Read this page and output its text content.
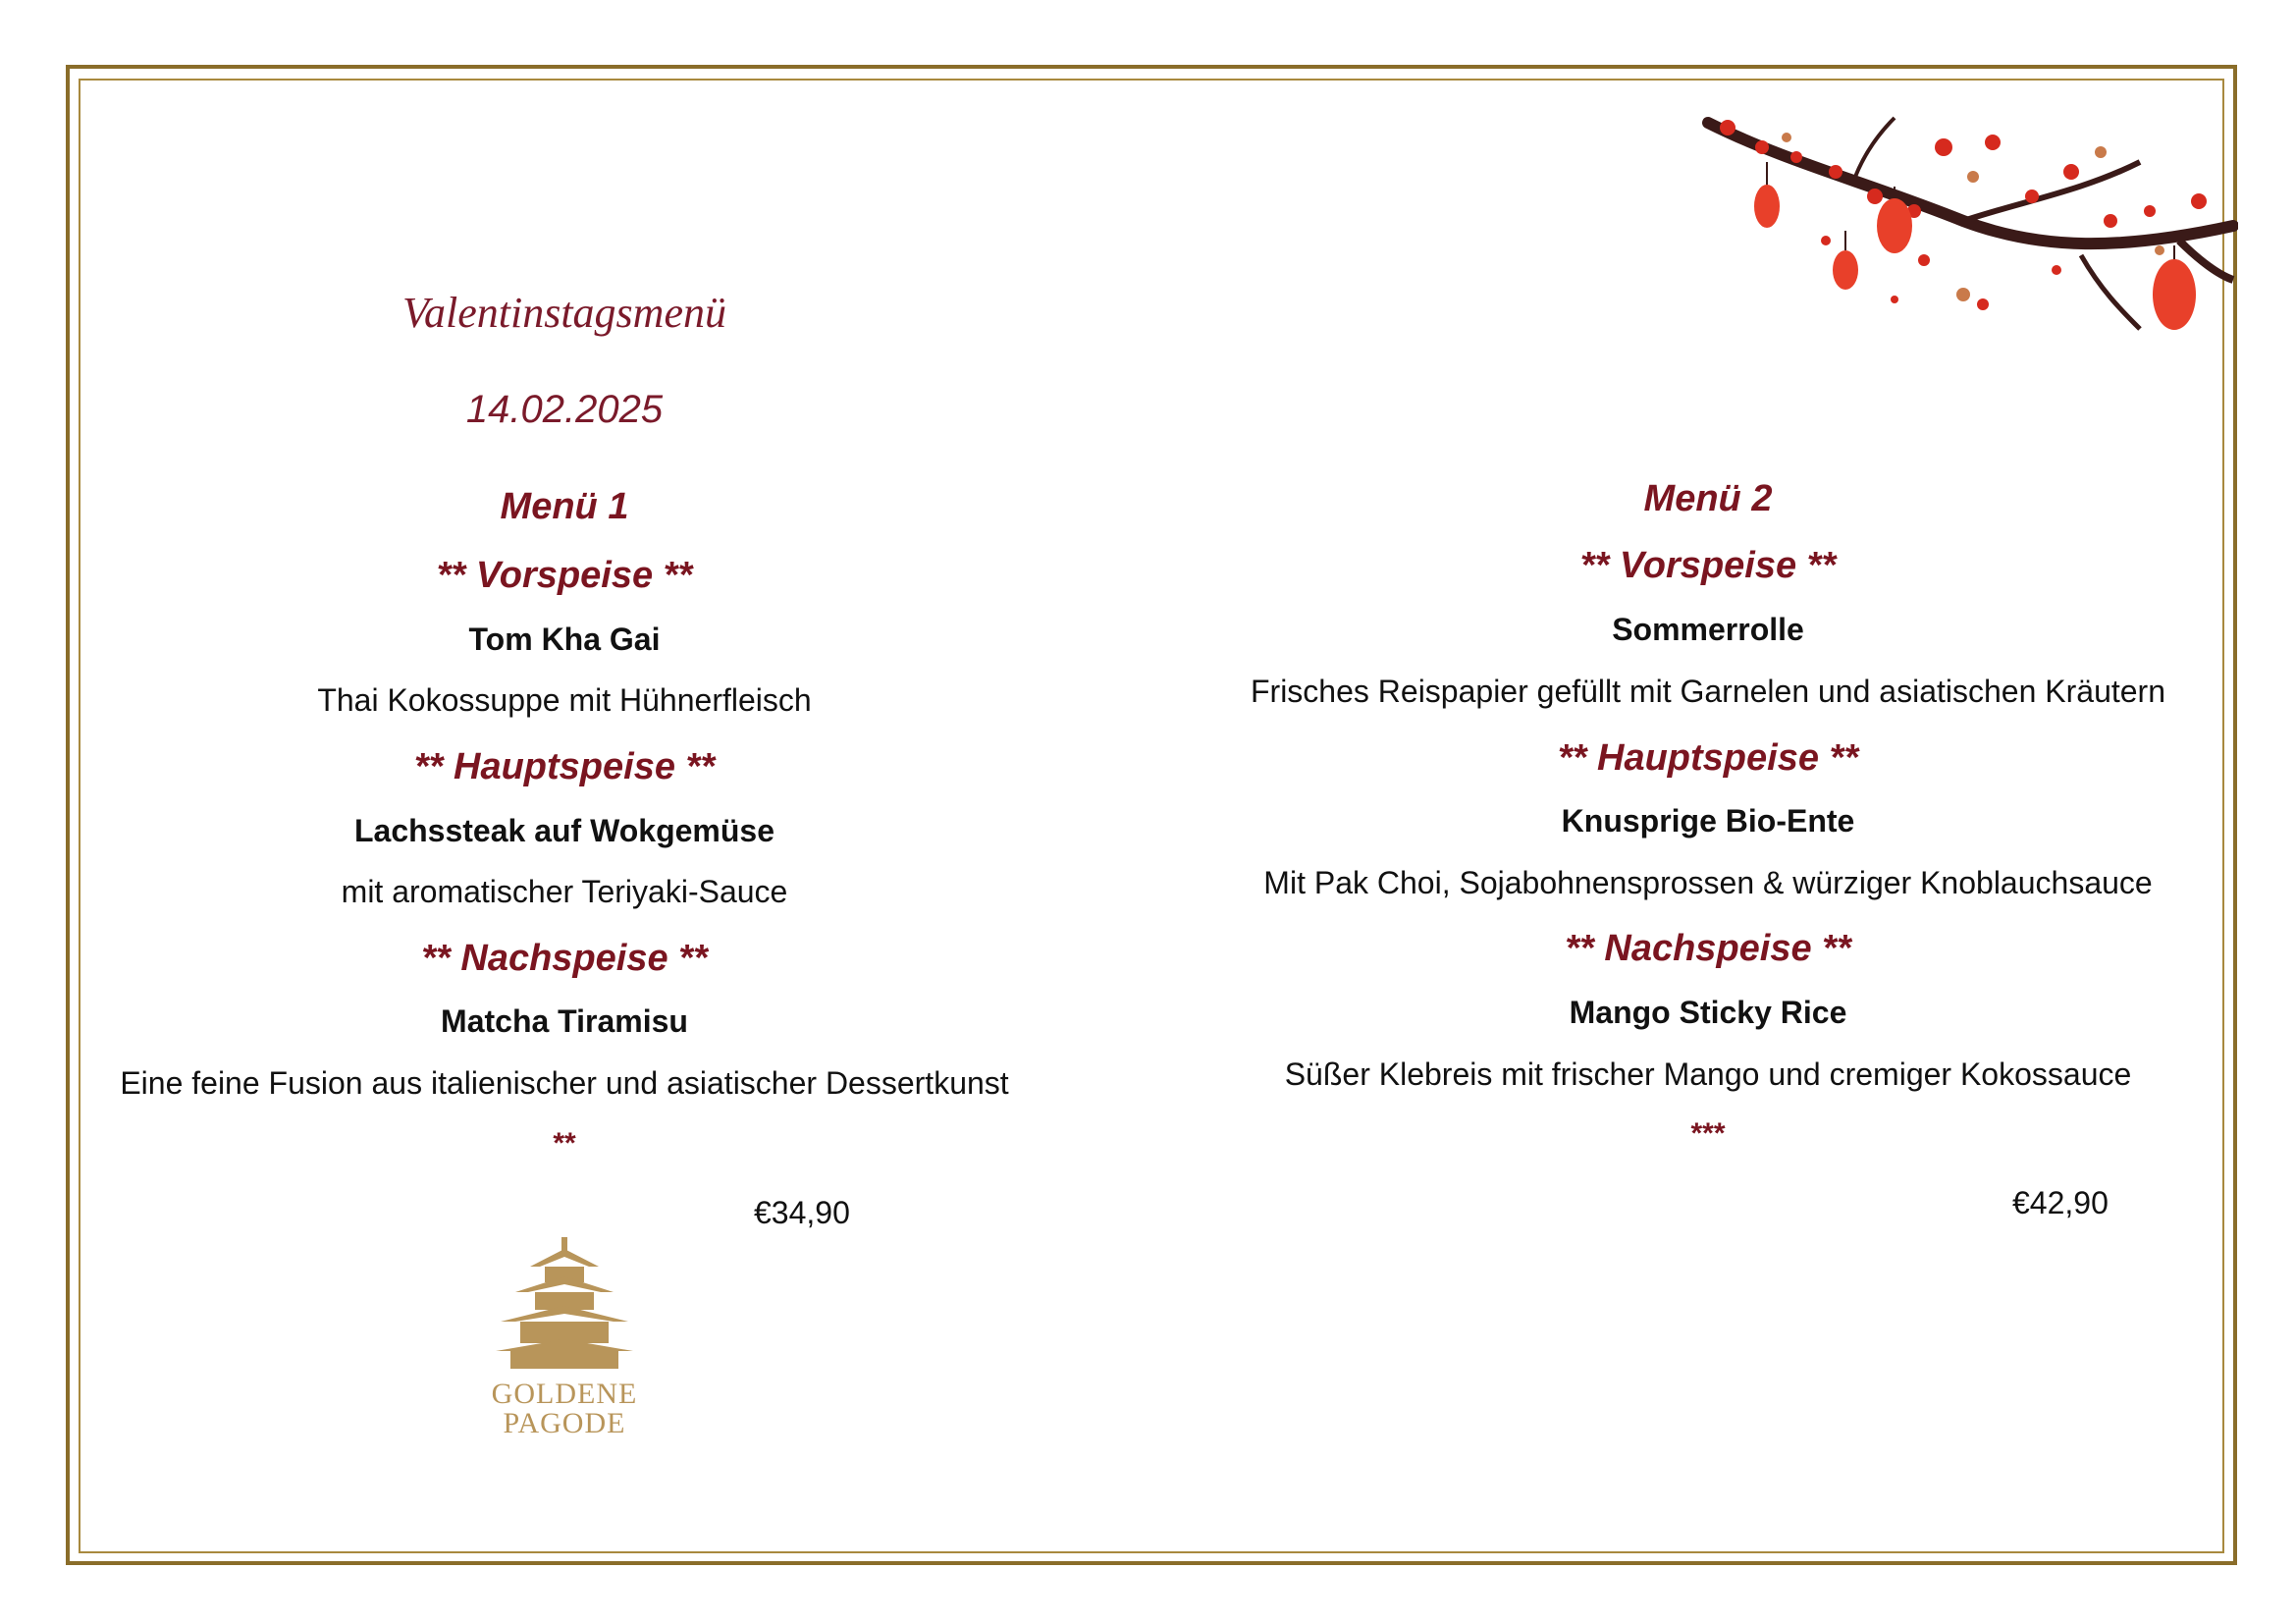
Valentinstagsmenü
14.02.2025
Menü 1
** Vorspeise **
Tom Kha Gai
Thai Kokossuppe mit Hühnerfleisch
** Hauptspeise **
Lachssteak auf Wokgemüse
mit aromatischer Teriyaki-Sauce
** Nachspeise **
Matcha Tiramisu
Eine feine Fusion aus italienischer und asiatischer Dessertkunst
**
€34,90
GOLDENE
PAGODE
Menü 2
** Vorspeise **
Sommerrolle
Frisches Reispapier gefüllt mit Garnelen und asiatischen Kräutern
** Hauptspeise **
Knusprige Bio-Ente
Mit Pak Choi, Sojabohnensprossen & würziger Knoblauchsauce
** Nachspeise **
Mango Sticky Rice
Süßer Klebreis mit frischer Mango und cremiger Kokossauce
***
€42,90
